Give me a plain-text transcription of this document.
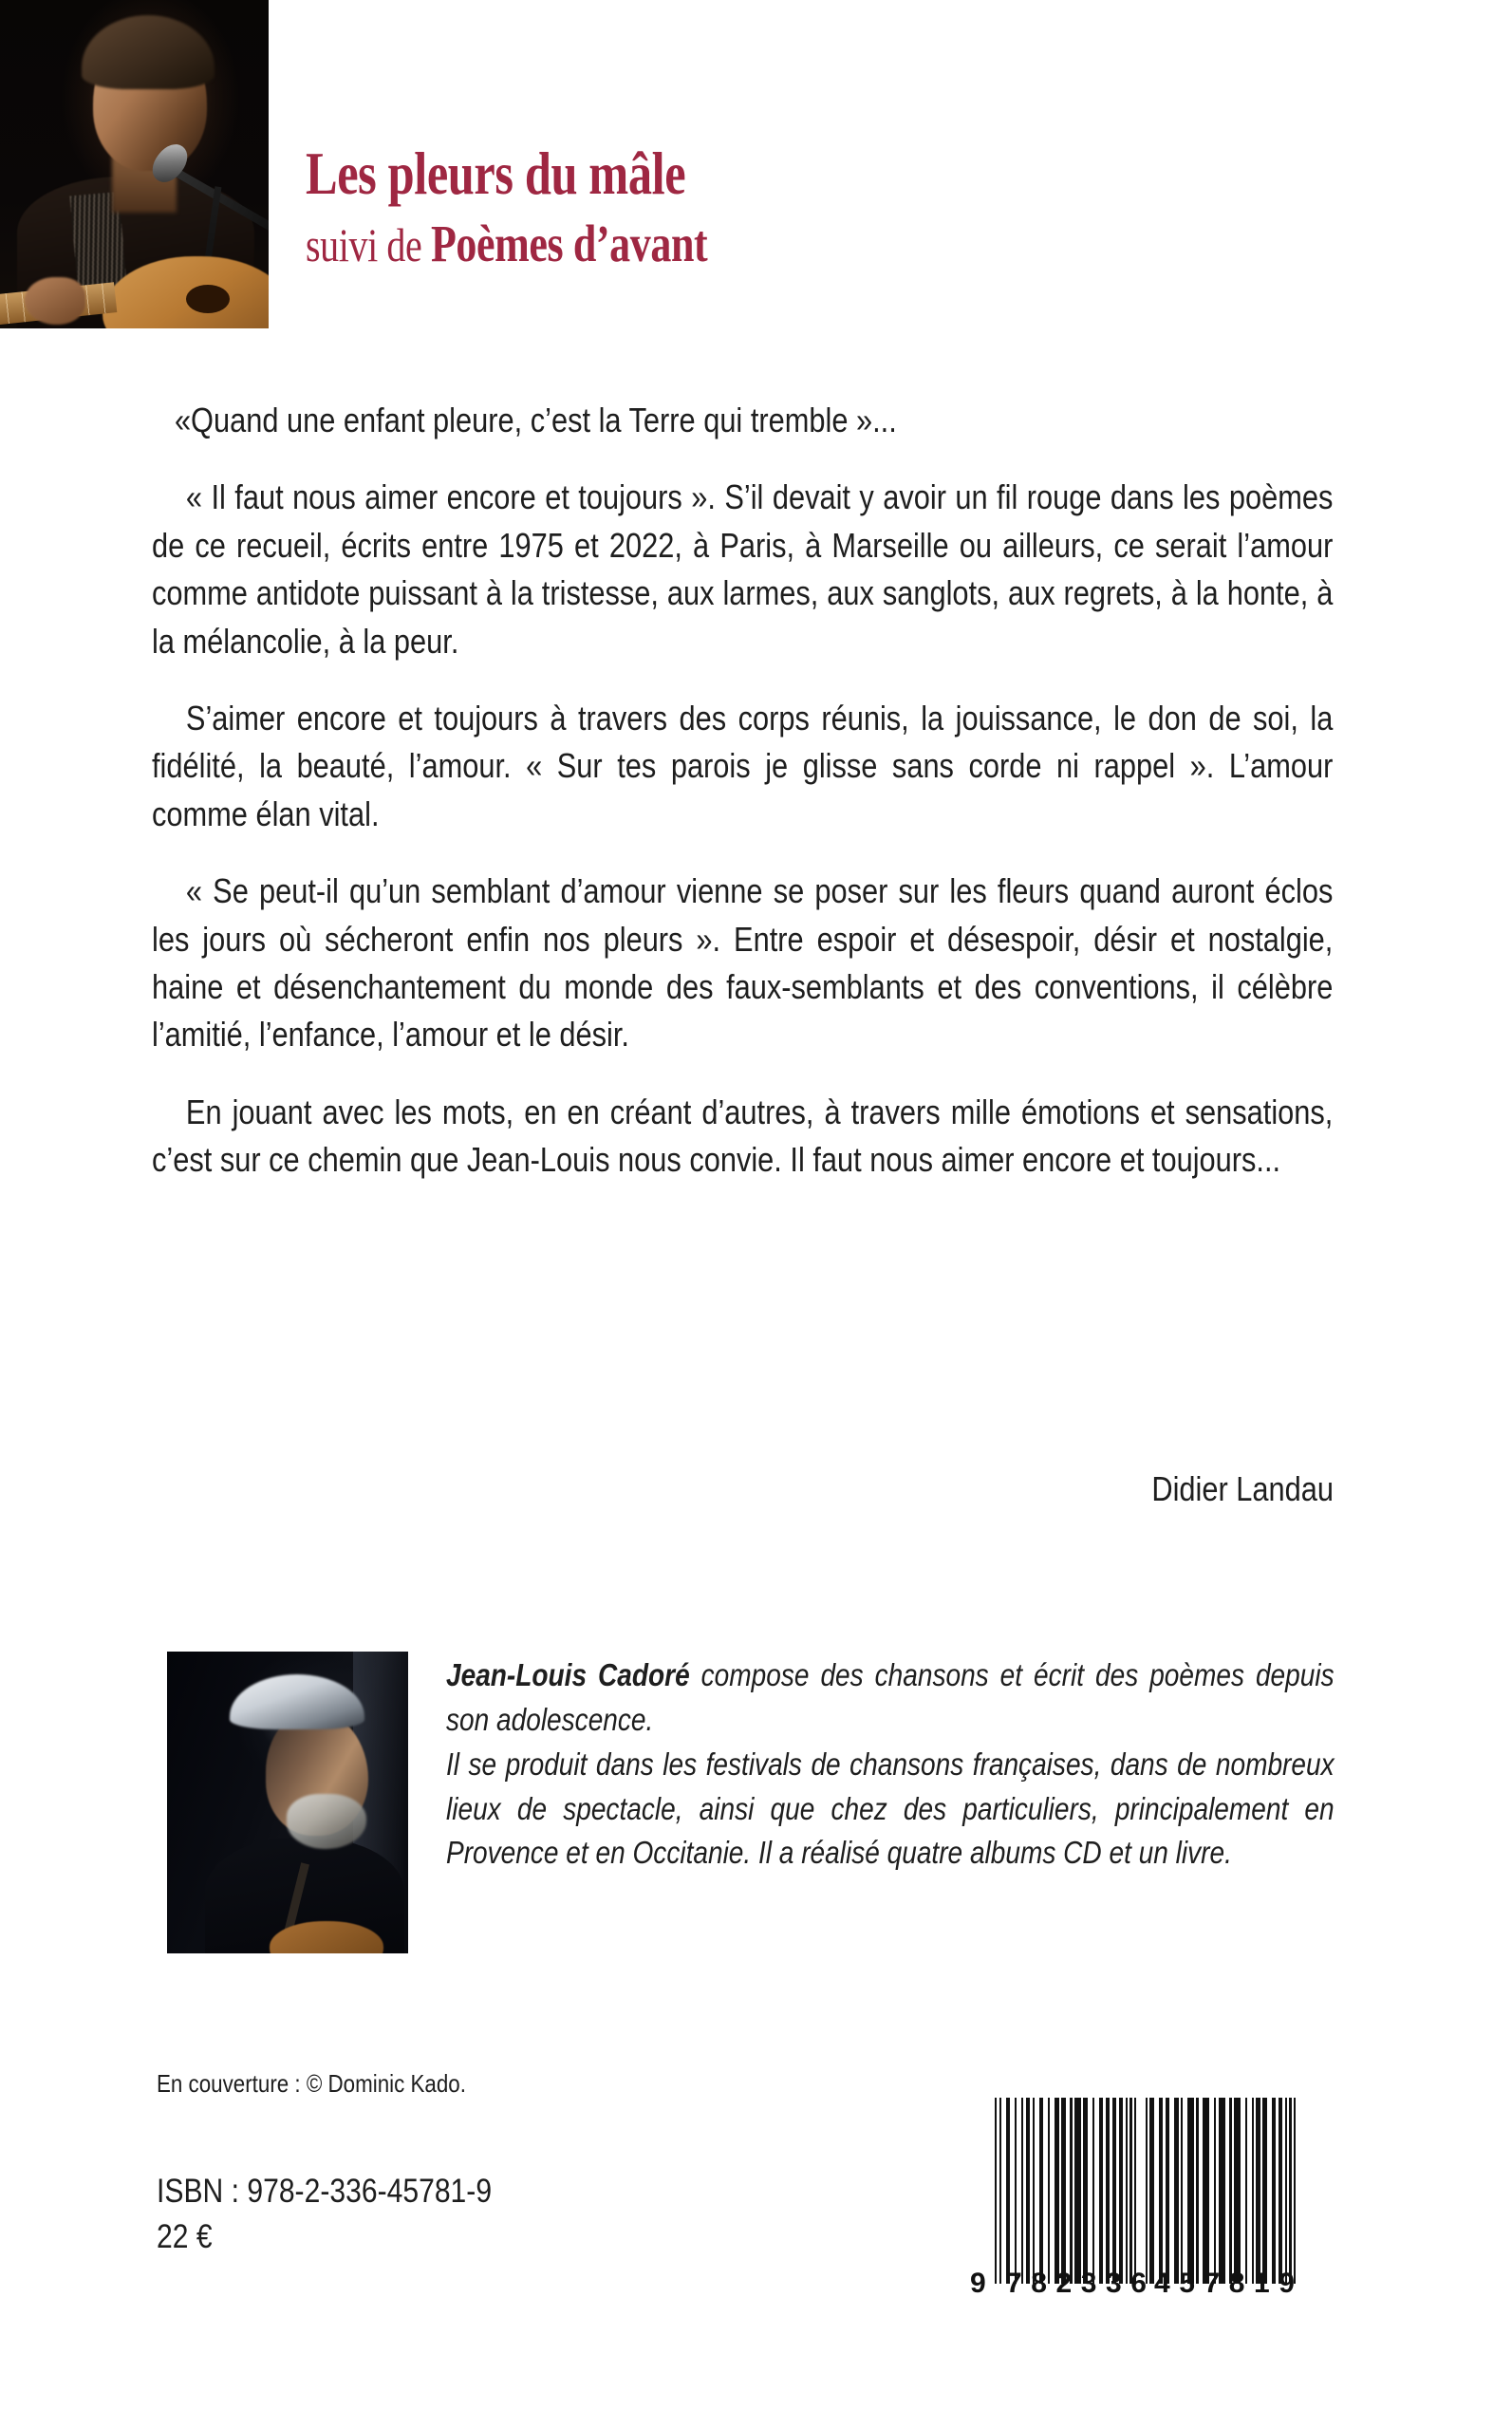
Les pleurs du mâle
suivi de Poèmes d’avant

«Quand une enfant pleure, c’est la Terre qui tremble »...

« Il faut nous aimer encore et toujours ». S’il devait y avoir un fil rouge dans les poèmes de ce recueil, écrits entre 1975 et 2022, à Paris, à Marseille ou ailleurs, ce serait l’amour comme antidote puissant à la tristesse, aux larmes, aux sanglots, aux regrets, à la honte, à la mélancolie, à la peur.

S’aimer encore et toujours à travers des corps réunis, la jouissance, le don de soi, la fidélité, la beauté, l’amour. « Sur tes parois je glisse sans corde ni rappel ». L’amour comme élan vital.

« Se peut-il qu’un semblant d’amour vienne se poser sur les fleurs quand auront éclos les jours où sécheront enfin nos pleurs ». Entre espoir et désespoir, désir et nostalgie, haine et désenchantement du monde des faux-semblants et des conventions, il célèbre l’amitié, l’enfance, l’amour et le désir.

En jouant avec les mots, en en créant d’autres, à travers mille émotions et sensations, c’est sur ce chemin que Jean-Louis nous convie. Il faut nous aimer encore et toujours...

Didier Landau

Jean-Louis Cadoré compose des chansons et écrit des poèmes depuis son adolescence.

Il se produit dans les festivals de chansons françaises, dans de nombreux lieux de spectacle, ainsi que chez des particuliers, principalement en Provence et en Occitanie. Il a réalisé quatre albums CD et un livre.

En couverture : © Dominic Kado.
ISBN : 978-2-336-45781-9
22 €
9 7 8 2 3 3 6 4 5 7 8 1 9
